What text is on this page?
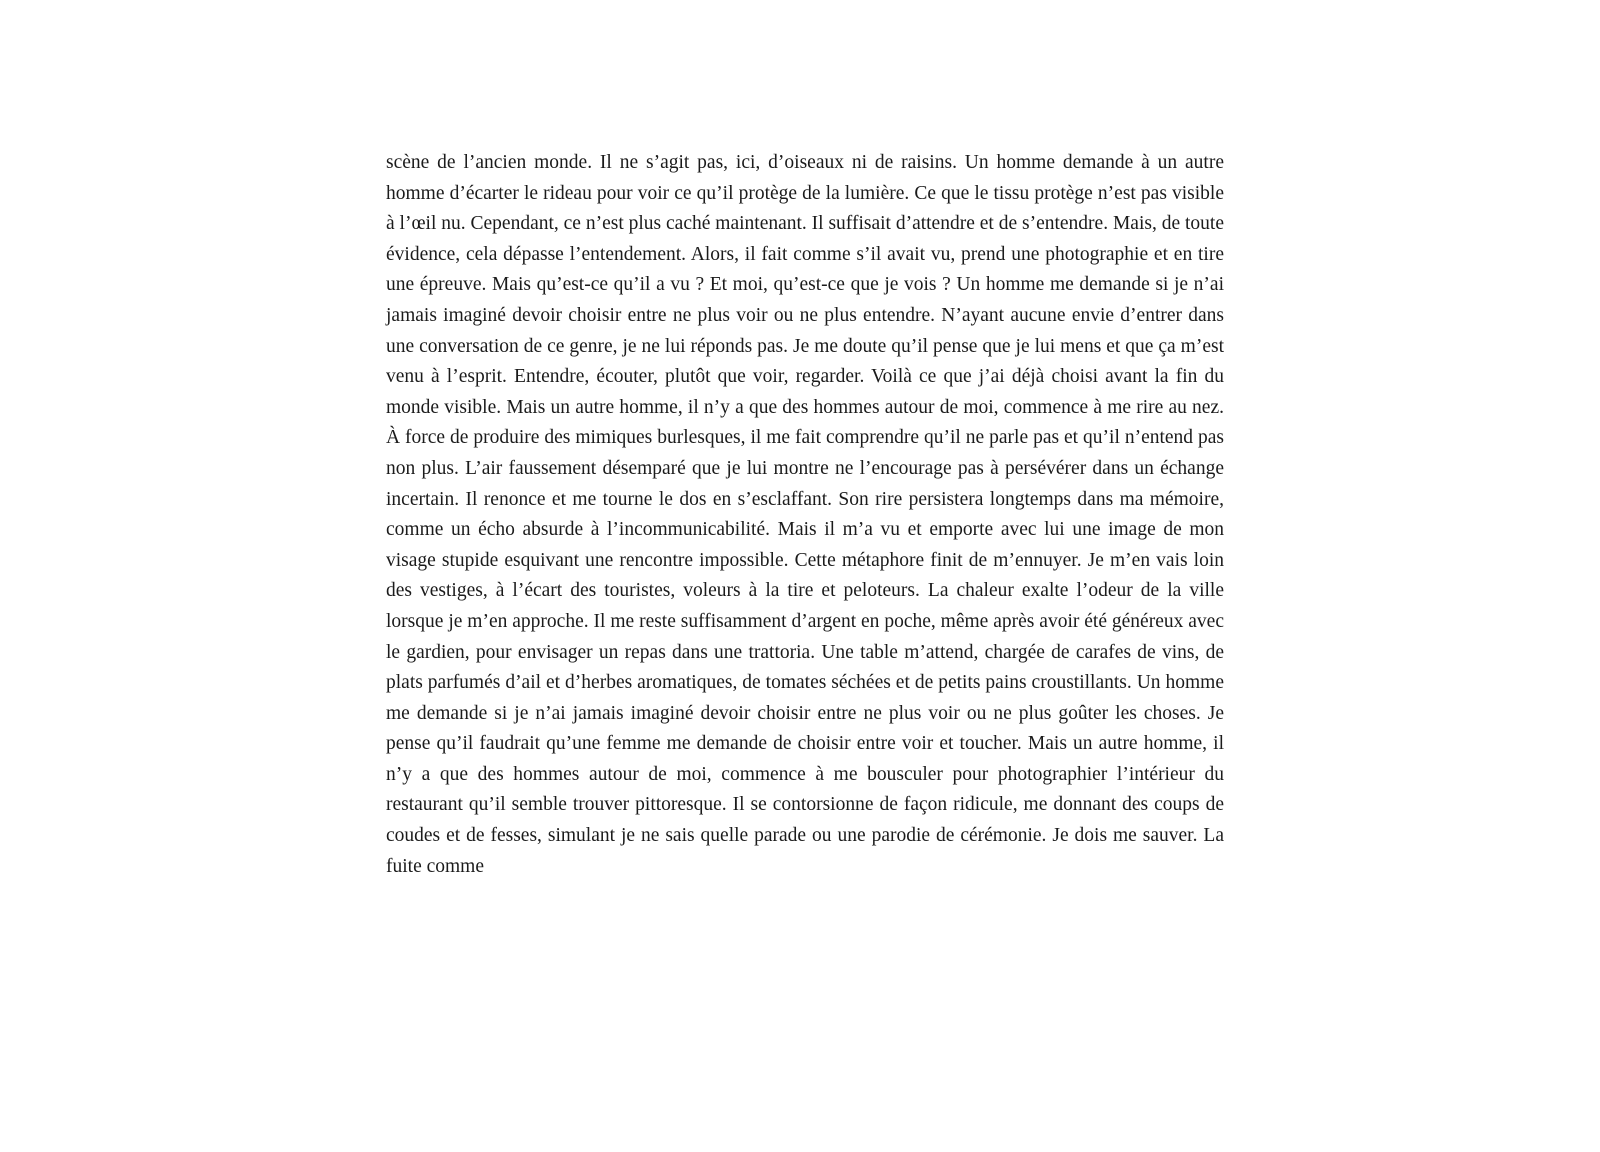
scène de l’ancien monde. Il ne s’agit pas, ici, d’oiseaux ni de raisins. Un homme demande à un autre homme d’écarter le rideau pour voir ce qu’il protège de la lumière. Ce que le tissu protège n’est pas visible à l’œil nu. Cependant, ce n’est plus caché maintenant. Il suffisait d’attendre et de s’entendre. Mais, de toute évidence, cela dépasse l’entendement. Alors, il fait comme s’il avait vu, prend une photographie et en tire une épreuve. Mais qu’est-ce qu’il a vu ? Et moi, qu’est-ce que je vois ? Un homme me demande si je n’ai jamais imaginé devoir choisir entre ne plus voir ou ne plus entendre. N’ayant aucune envie d’entrer dans une conversation de ce genre, je ne lui réponds pas. Je me doute qu’il pense que je lui mens et que ça m’est venu à l’esprit. Entendre, écouter, plutôt que voir, regarder. Voilà ce que j’ai déjà choisi avant la fin du monde visible. Mais un autre homme, il n’y a que des hommes autour de moi, commence à me rire au nez. À force de produire des mimiques burlesques, il me fait comprendre qu’il ne parle pas et qu’il n’entend pas non plus. L’air faussement désemparé que je lui montre ne l’encourage pas à persévérer dans un échange incertain. Il renonce et me tourne le dos en s’esclaffant. Son rire persistera longtemps dans ma mémoire, comme un écho absurde à l’incommunicabilité. Mais il m’a vu et emporte avec lui une image de mon visage stupide esquivant une rencontre impossible. Cette métaphore finit de m’ennuyer. Je m’en vais loin des vestiges, à l’écart des touristes, voleurs à la tire et peloteurs. La chaleur exalte l’odeur de la ville lorsque je m’en approche. Il me reste suffisamment d’argent en poche, même après avoir été généreux avec le gardien, pour envisager un repas dans une trattoria. Une table m’attend, chargée de carafes de vins, de plats parfumés d’ail et d’herbes aromatiques, de tomates séchées et de petits pains croustillants. Un homme me demande si je n’ai jamais imaginé devoir choisir entre ne plus voir ou ne plus goûter les choses. Je pense qu’il faudrait qu’une femme me demande de choisir entre voir et toucher. Mais un autre homme, il n’y a que des hommes autour de moi, commence à me bousculer pour photographier l’intérieur du restaurant qu’il semble trouver pittoresque. Il se contorsionne de façon ridicule, me donnant des coups de coudes et de fesses, simulant je ne sais quelle parade ou une parodie de cérémonie. Je dois me sauver. La fuite comme
